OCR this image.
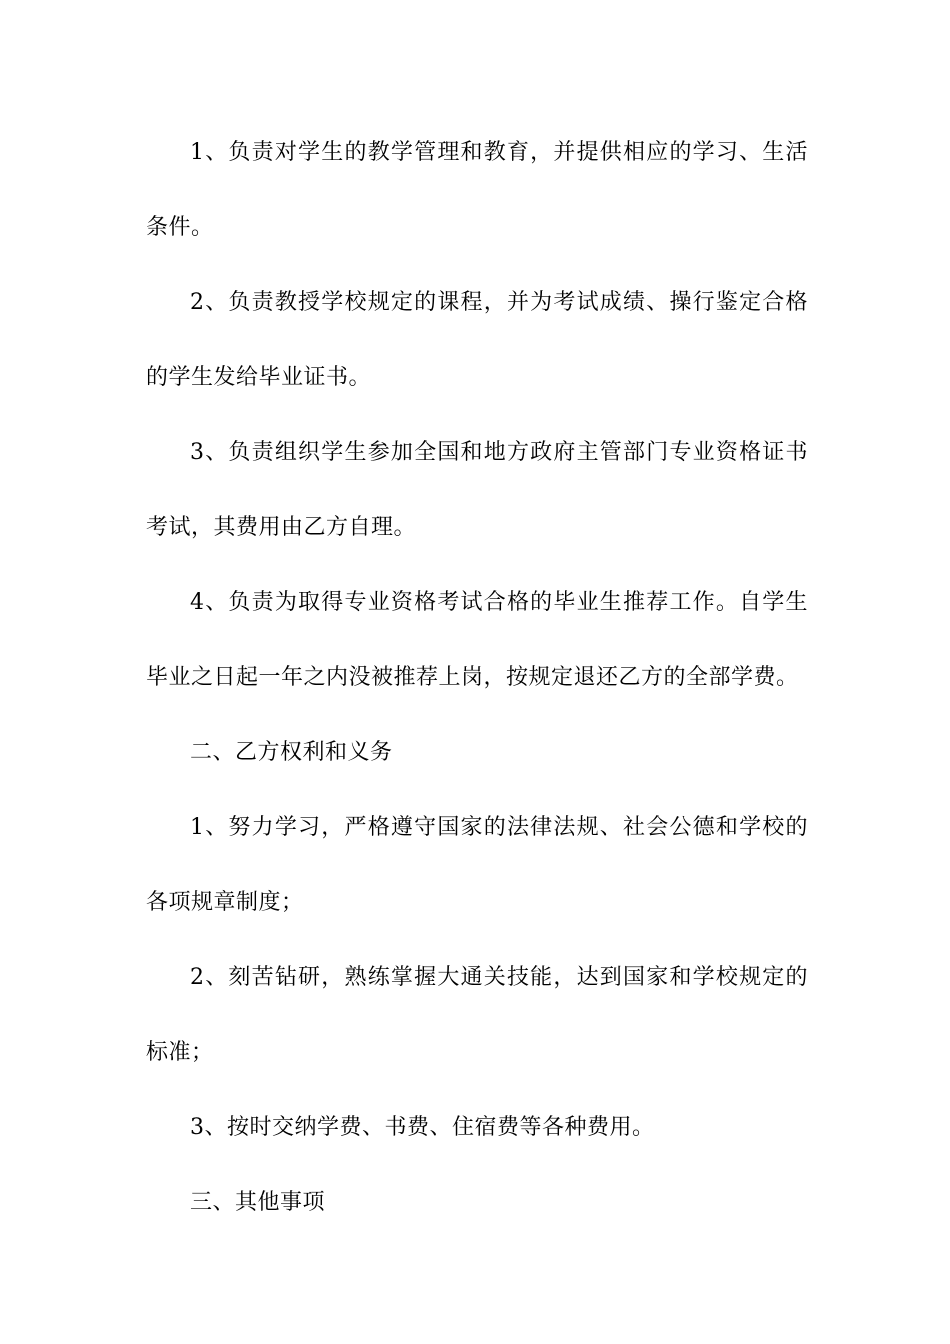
1、负责对学生的教学管理和教育，并提供相应的学习、生活条件。

2、负责教授学校规定的课程，并为考试成绩、操行鉴定合格的学生发给毕业证书。

3、负责组织学生参加全国和地方政府主管部门专业资格证书考试，其费用由乙方自理。

4、负责为取得专业资格考试合格的毕业生推荐工作。自学生毕业之日起一年之内没被推荐上岗，按规定退还乙方的全部学费。

二、乙方权利和义务

1、努力学习，严格遵守国家的法律法规、社会公德和学校的各项规章制度；

2、刻苦钻研，熟练掌握大通关技能，达到国家和学校规定的标准；

3、按时交纳学费、书费、住宿费等各种费用。

三、其他事项
